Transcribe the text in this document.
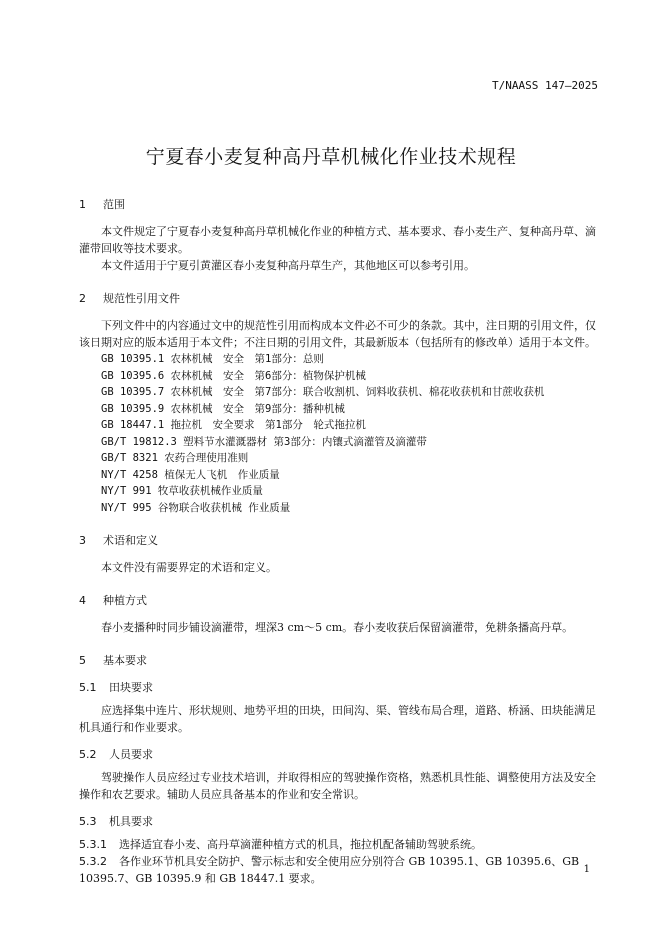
T/NAASS 147—2025
宁夏春小麦复种高丹草机械化作业技术规程
1 范围

本文件规定了宁夏春小麦复种高丹草机械化作业的种植方式、基本要求、春小麦生产、复种高丹草、滴灌带回收等技术要求。

本文件适用于宁夏引黄灌区春小麦复种高丹草生产，其他地区可以参考引用。

2 规范性引用文件

下列文件中的内容通过文中的规范性引用而构成本文件必不可少的条款。其中，注日期的引用文件，仅该日期对应的版本适用于本文件；不注日期的引用文件，其最新版本（包括所有的修改单）适用于本文件。

GB 10395.1 农林机械　安全　第1部分：总则
GB 10395.6 农林机械　安全　第6部分：植物保护机械
GB 10395.7 农林机械　安全　第7部分：联合收割机、饲料收获机、棉花收获机和甘蔗收获机
GB 10395.9 农林机械　安全　第9部分：播种机械
GB 18447.1 拖拉机　安全要求　第1部分　轮式拖拉机
GB/T 19812.3 塑料节水灌溉器材 第3部分：内镶式滴灌管及滴灌带
GB/T 8321 农药合理使用准则
NY/T 4258 植保无人飞机　作业质量
NY/T 991 牧草收获机械作业质量
NY/T 995 谷物联合收获机械 作业质量
3 术语和定义

本文件没有需要界定的术语和定义。

4 种植方式

春小麦播种时同步铺设滴灌带，埋深3 cm～5 cm。春小麦收获后保留滴灌带，免耕条播高丹草。

5 基本要求
5.1 田块要求

应选择集中连片、形状规则、地势平坦的田块，田间沟、渠、管线布局合理，道路、桥涵、田块能满足机具通行和作业要求。

5.2 人员要求

驾驶操作人员应经过专业技术培训，并取得相应的驾驶操作资格，熟悉机具性能、调整使用方法及安全操作和农艺要求。辅助人员应具备基本的作业和安全常识。

5.3 机具要求
5.3.1 选择适宜春小麦、高丹草滴灌种植方式的机具，拖拉机配备辅助驾驶系统。
5.3.2 各作业环节机具安全防护、警示标志和安全使用应分别符合 GB 10395.1、GB 10395.6、GB 10395.7、GB 10395.9 和 GB 18447.1 要求。
1
